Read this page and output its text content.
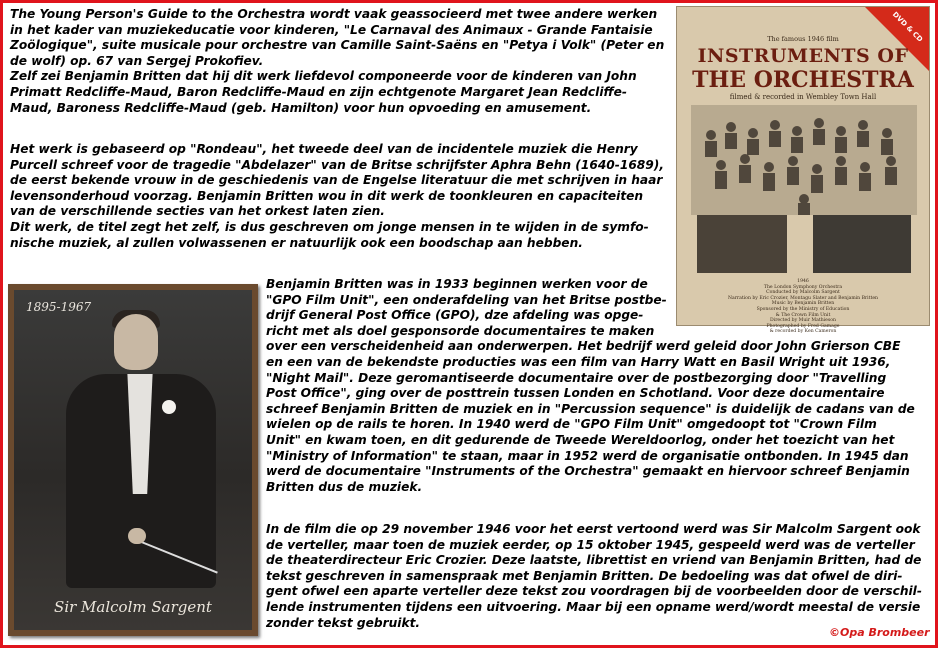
The Young Person's Guide to the Orchestra wordt vaak geassocieerd met twee andere werken
in het kader van muziekeducatie voor kinderen, "Le Carnaval des Animaux - Grande Fantaisie
Zoölogique", suite musicale pour orchestre van Camille Saint-Saëns en "Petya i Volk" (Peter en
de wolf) op. 67 van Sergej Prokofiev.
Zelf zei Benjamin Britten dat hij dit werk liefdevol componeerde voor de kinderen van John
Primatt Redcliffe-Maud, Baron Redcliffe-Maud en zijn echtgenote Margaret Jean Redcliffe-
Maud, Baroness Redcliffe-Maud (geb. Hamilton) voor hun opvoeding en amusement.
Het werk is gebaseerd op "Rondeau", het tweede deel van de incidentele muziek die Henry
Purcell schreef voor de tragedie "Abdelazer" van de Britse schrijfster Aphra Behn (1640-1689),
de eerst bekende vrouw in de geschiedenis van de Engelse literatuur die met schrijven in haar
levensonderhoud voorzag. Benjamin Britten wou in dit werk de toonkleuren en capaciteiten
van de verschillende secties van het orkest laten zien.
Dit werk, de titel zegt het zelf, is dus geschreven om jonge mensen in te wijden in de symfo-
nische muziek, al zullen volwassenen er natuurlijk ook een boodschap aan hebben.
DVD & CD
The famous 1946 film
INSTRUMENTS OF
THE ORCHESTRA
filmed & recorded in Wembley Town Hall
1946
The London Symphony Orchestra
Conducted by Malcolm Sargent
Narration by Eric Crozier, Montagu Slater and Benjamin Britten
Music by Benjamin Britten
Sponsored by the Ministry of Education
& The Crown Film Unit
Directed by Muir Mathieson
Photographed by Fred Gamage
& recorded by Ken Cameron
1895-1967
Sir Malcolm Sargent
Benjamin Britten was in 1933 beginnen werken voor de
"GPO Film Unit", een onderafdeling van het Britse postbe-
drijf General Post Office (GPO), dze afdeling was opge-
richt met als doel gesponsorde documentaires te maken
over een verscheidenheid aan onderwerpen. Het bedrijf werd geleid door John Grierson CBE
en een van de bekendste producties was een film van Harry Watt en Basil Wright uit 1936,
"Night Mail". Deze geromantiseerde documentaire over de postbezorging door "Travelling
Post Office", ging over de posttrein tussen Londen en Schotland. Voor deze documentaire
schreef Benjamin Britten de muziek en in "Percussion sequence" is duidelijk de cadans van de
wielen op de rails te horen. In 1940 werd de "GPO Film Unit" omgedoopt tot "Crown Film
Unit" en kwam toen, en dit gedurende de Tweede Wereldoorlog, onder het toezicht van het
"Ministry of Information" te staan, maar in 1952 werd de organisatie ontbonden. In 1945 dan
werd de documentaire "Instruments of the Orchestra" gemaakt en hiervoor schreef Benjamin
Britten dus de muziek.
In de film die op 29 november 1946 voor het eerst vertoond werd was Sir Malcolm Sargent ook
de verteller, maar toen de muziek eerder, op 15 oktober 1945, gespeeld werd was de verteller
de theaterdirecteur Eric Crozier. Deze laatste, librettist en vriend van Benjamin Britten, had de
tekst geschreven in samenspraak met Benjamin Britten. De bedoeling was dat ofwel de diri-
gent ofwel een aparte verteller deze tekst zou voordragen bij de voorbeelden door de verschil-
lende instrumenten tijdens een uitvoering. Maar bij een opname werd/wordt meestal de versie
zonder tekst gebruikt.
©Opa Brombeer
